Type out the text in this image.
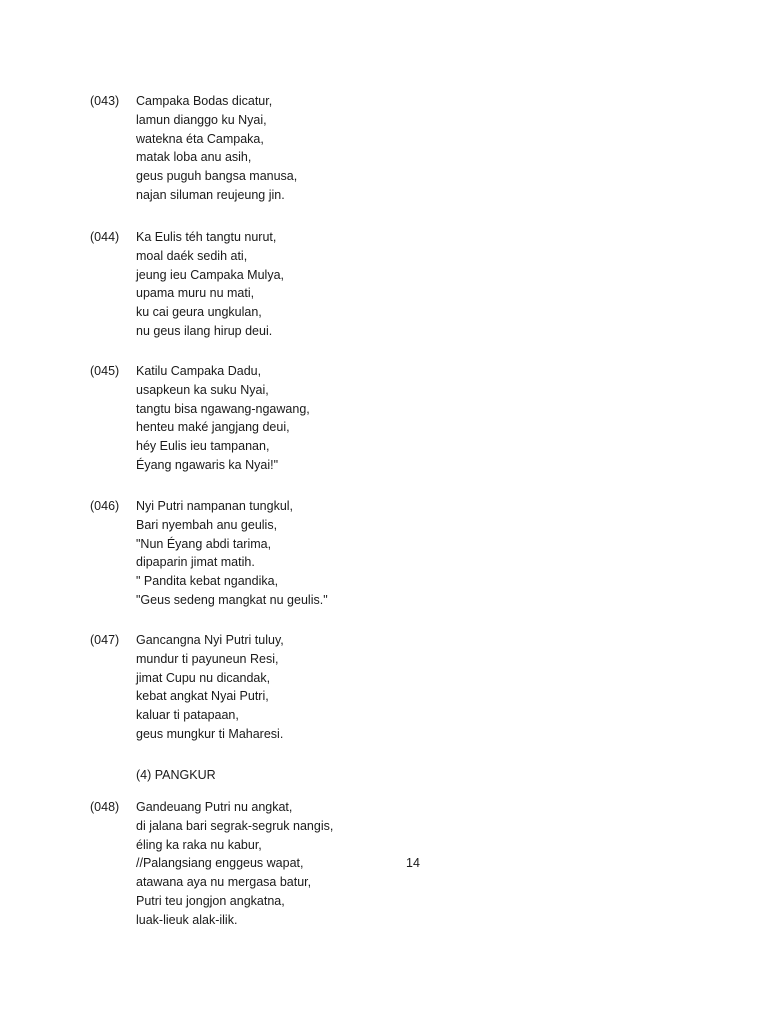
(043) Campaka Bodas dicatur,
lamun dianggo ku Nyai,
watekna éta Campaka,
matak loba anu asih,
geus puguh bangsa manusa,
najan siluman reujeung jin.
(044) Ka Eulis téh tangtu nurut,
moal daék sedih ati,
jeung ieu Campaka Mulya,
upama muru nu mati,
ku cai geura ungkulan,
nu geus ilang hirup deui.
(045) Katilu Campaka Dadu,
usapkeun ka suku Nyai,
tangtu bisa ngawang-ngawang,
henteu maké jangjang deui,
héy Eulis ieu tampanan,
Éyang ngawaris ka Nyai!"
(046) Nyi Putri nampanan tungkul,
Bari nyembah anu geulis,
"Nun Éyang abdi tarima,
dipaparin jimat matih.
" Pandita kebat ngandika,
"Geus sedeng mangkat nu geulis."
(047) Gancangna Nyi Putri tuluy,
mundur ti payuneun Resi,
jimat Cupu nu dicandak,
kebat angkat Nyai Putri,
kaluar ti patapaan,
geus mungkur ti Maharesi.
(4) PANGKUR
(048) Gandeuang Putri nu angkat,
di jalana bari segrak-segruk nangis,
éling ka raka nu kabur,
//Palangsiang enggeus wapat,
atawana aya nu mergasa batur,
Putri teu jongjon angkatna,
luak-lieuk alak-ilik.
14
